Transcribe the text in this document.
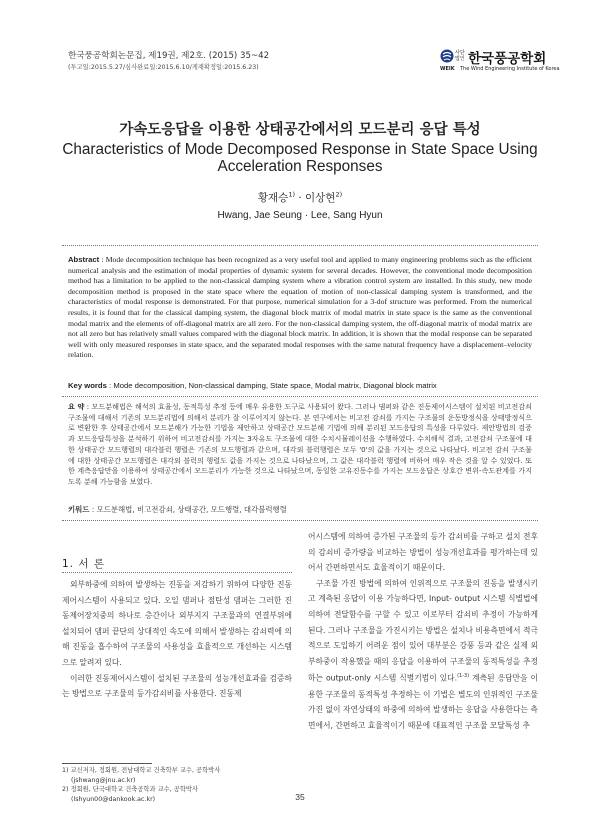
한국풍공학회논문집, 제19권, 제2호. (2015) 35~42
(투고일:2015.5.27/심사완료일:2015.6.10/게재확정일:2015.6.23)
사단
법인 한국풍공학회
WEIK The Wind Engineering Institute of Korea
가속도응답을 이용한 상태공간에서의 모드분리 응답 특성
Characteristics of Mode Decomposed Response in State Space Using
Acceleration Responses
황재승$^{1)}$ · 이상현$^{2)}$
Hwang, Jae Seung · Lee, Sang Hyun
Abstract : Mode decomposition technique has been recognized as a very useful tool and applied to many engineering problems such as the efficient numerical analysis and the estimation of modal properties of dynamic system for several decades. However, the conventional mode decomposition method has a limitation to be applied to the non-classical damping system where a vibration control system are installed. In this study, new mode decomposition method is proposed in the state space where the equation of motion of non-classical damping system is transformed, and the characteristics of modal response is demonstrated. For that purpose, numerical simulation for a 3-dof structure was performed. From the numerical results, it is found that for the classical damping system, the diagonal block matrix of modal matrix in state space is the same as the conventional modal matrix and the elements of off-diagonal matrix are all zero. For the non-classical damping system, the off-diagonal matrix of modal matrix are not all zero but has relatively small values compared with the diagonal block matrix. In addition, it is shown that the modal response can be separated well with only measured responses in state space, and the separated modal responses with the same natural frequency have a displacement–velocity relation.
Key words : Mode decomposition, Non-classical damping, State space, Modal matrix, Diagonal block matrix
요 약 : 모드분해법은 해석의 효율성, 동적특성 추정 등에 매우 유용한 도구로 사용되어 왔다. 그러나 댐퍼와 같은 진동제어시스템이 설치된 비고전감쇠 구조물에 대해서 기존의 모드분리법에 의해서 분리가 잘 이루어지지 않는다. 본 연구에서는 비고전 감쇠를 가지는 구조물의 운동방정식을 상태방정식으로 변환한 후 상태공간에서 모드분해가 가능한 기법을 제안하고 상태공간 모드분해 기법에 의해 분리된 모드응답의 특성을 다루었다. 제안방법의 검증과 모드응답특성을 분석하기 위하여 비고전감쇠를 가지는 3자유도 구조물에 대한 수치시뮬레이션을 수행하였다. 수치해석 결과, 고전감쇠 구조물에 대한 상태공간 모드행렬의 대각블럭 행렬은 기존의 모드행렬과 같으며, 대각외 블럭행렬은 모두 '0'의 값을 가지는 것으로 나타났다. 비고전 감쇠 구조물에 대한 상태공간 모드행렬은 대각외 블럭의 행렬도 값을 가지는 것으로 나타났으며, 그 값은 대각블럭 행렬에 비하여 매우 작은 것을 알 수 있었다. 또한 계측응답만을 이용하여 상태공간에서 모드분리가 가능한 것으로 나타났으며, 동일한 고유진동수를 가지는 모드응답은 상호간 변위-속도관계를 가지도록 분해 가능함을 보였다.
키워드 : 모드분해법, 비고전감쇠, 상태공간, 모드행렬, 대각블럭행렬
1. 서 론

외부하중에 의하여 발생하는 진동을 저감하기 위하여 다양한 진동제어시스템이 사용되고 있다. 오일 댐퍼나 점탄성 댐퍼는 그러한 진동제어장치중의 하나로 층간이나 외부지지 구조물과의 연결부위에 설치되어 댐퍼 끝단의 상대적인 속도에 의해서 발생하는 감쇠력에 의해 진동을 흡수하여 구조물의 사용성을 효율적으로 개선하는 시스템으로 알려져 있다.

이러한 진동제어시스템이 설치된 구조물의 성능개선효과를 검증하는 방법으로 구조물의 등가감쇠비를 사용한다. 진동제

어시스템에 의하여 증가된 구조물의 등가 감쇠비를 구하고 설치 전후의 감쇠비 증가량을 비교하는 방법이 성능개선효과를 평가하는데 있어서 간편하면서도 효율적이기 때문이다.

구조물 가진 방법에 의하여 인위적으로 구조물의 진동을 발생시키고 계측된 응답이 이용 가능하다면, Input- output 시스템 식별법에 의하여 전달함수를 구할 수 있고 이로부터 감쇠비 추정이 가능하게 된다. 그러나 구조물을 가진시키는 방법은 설치나 비용측면에서 적극적으로 도입하기 어려운 점이 있어 대부분은 강풍 등과 같은 실제 외부하중이 작용했을 때의 응답을 이용하여 구조물의 동적특성을 추정하는 output-only 시스템 식별기법이 있다.$^{(1-3)}$ 계측된 응답만을 이용한 구조물의 동적특성 추정하는 이 기법은 별도의 인위적인 구조물 가진 없이 자연상태의 하중에 의하여 발생하는 응답을 사용한다는 측면에서, 간편하고 효율적이기 때문에 대표적인 구조물 모달특성 추

1) 교신저자, 정회원, 전남대학교 건축학부 교수, 공학박사
(jshwang@jnu.ac.kr)
2) 정회원, 단국대학교 건축공학과 교수, 공학박사
(lshyun00@dankook.ac.kr)	35
